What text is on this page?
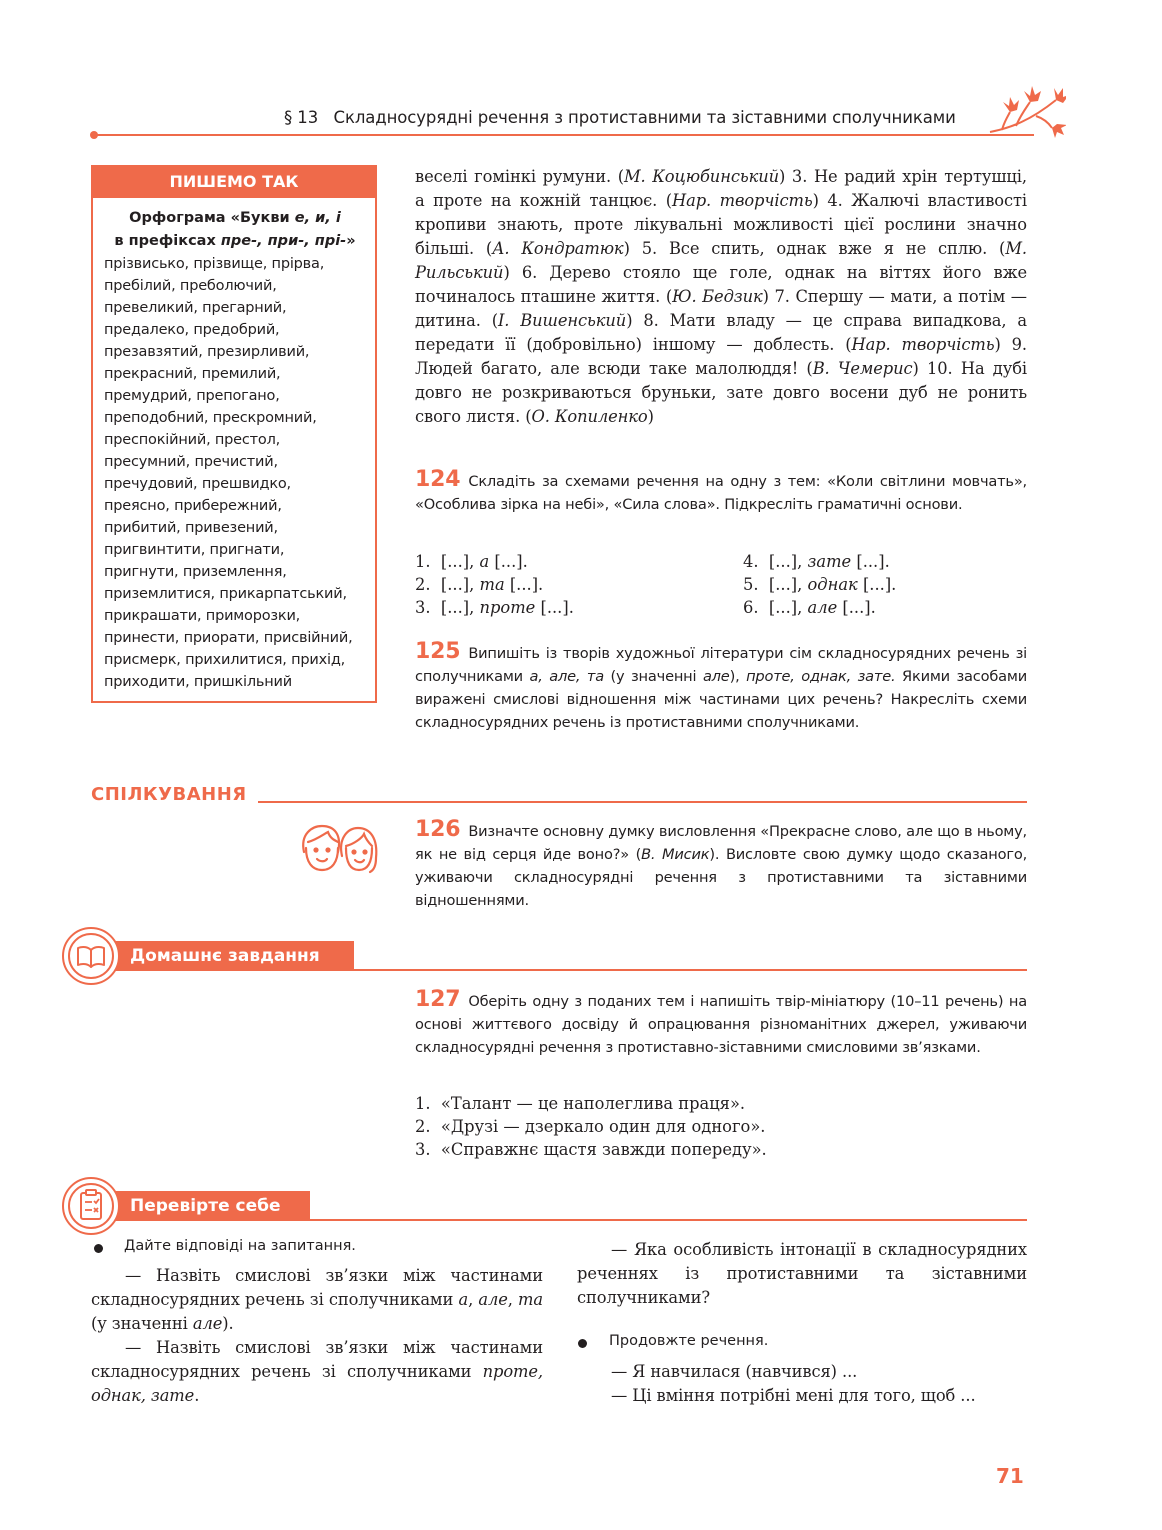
§ 13 Складносурядні речення з протиставними та зіставними сполучниками
ПИШЕМО ТАК
Орфограма «Букви е, и, і
в префіксах пре-, при-, прі-»
прізвисько, прізвище, прірва,
пребілий, преболючий,
превеликий, прегарний,
предалеко, предобрий,
презавзятий, презирливий,
прекрасний, премилий,
премудрий, препогано,
преподобний, прескромний,
преспокійний, престол,
пресумний, пречистий,
пречудовий, прешвидко,
преясно, прибережний,
прибитий, привезений,
пригвинтити, пригнати,
пригнути, приземлення,
приземлитися, прикарпатський,
прикрашати, приморозки,
принести, приорати, присвійний,
присмерк, прихилитися, прихід,
приходити, пришкільний
веселі гомінкі румуни. (М. Коцюбинський) 3. Не радий хрін тертушці, а проте на кожній танцює. (Нар. творчість) 4. Жалючі властивості кропиви знають, проте лікувальні можливості цієї рослини значно більші. (А. Кондратюк) 5. Все спить, однак вже я не сплю. (М. Рильський) 6. Дерево стояло ще голе, однак на віттях його вже починалось пташине життя. (Ю. Бедзик) 7. Спершу — мати, а потім — дитина. (І. Вишенський) 8. Мати владу — це справа випадкова, а передати її (добровільно) іншому — доблесть. (Нар. творчість) 9. Людей багато, але всюди таке малолюддя! (В. Чемерис) 10. На дубі довго не розкриваються бруньки, зате довго восени дуб не ронить свого листя. (О. Копиленко)
124 Складіть за схемами речення на одну з тем: «Коли світлини мовчать», «Особлива зірка на небі», «Сила слова». Підкресліть граматичні основи.
1. [...], а [...].
2. [...], та [...].
3. [...], проте [...].
4. [...], зате [...].
5. [...], однак [...].
6. [...], але [...].
125 Випишіть із творів художньої літератури сім складносурядних речень зі сполучниками а, але, та (у значенні але), проте, однак, зате. Якими засобами виражені смислові відношення між частинами цих речень? Накресліть схеми складносурядних речень із протиставними сполучниками.
СПІЛКУВАННЯ
126 Визначте основну думку висловлення «Прекрасне слово, але що в ньому, як не від серця йде воно?» (В. Мисик). Висловте свою думку щодо сказаного, уживаючи складносурядні речення з протиставними та зіставними відношеннями.
Домашнє завдання
127 Оберіть одну з поданих тем і напишіть твір-мініатюру (10–11 речень) на основі життєвого досвіду й опрацювання різноманітних джерел, уживаючи складносурядні речення з протиставно-зіставними смисловими зв’язками.
1. «Талант — це наполеглива праця».
2. «Друзі — дзеркало один для одного».
3. «Справжнє щастя завжди попереду».
Перевірте себе
Дайте відповіді на запитання.
— Назвіть смислові зв’язки між частинами складносурядних речень зі сполучниками а, але, та (у значенні але).
— Назвіть смислові зв’язки між частинами складносурядних речень зі сполучниками проте, однак, зате.
— Яка особливість інтонації в складносурядних реченнях із протиставними та зіставними сполучниками?
Продовжте речення.
— Я навчилася (навчився) ...
— Ці вміння потрібні мені для того, щоб ...
71
